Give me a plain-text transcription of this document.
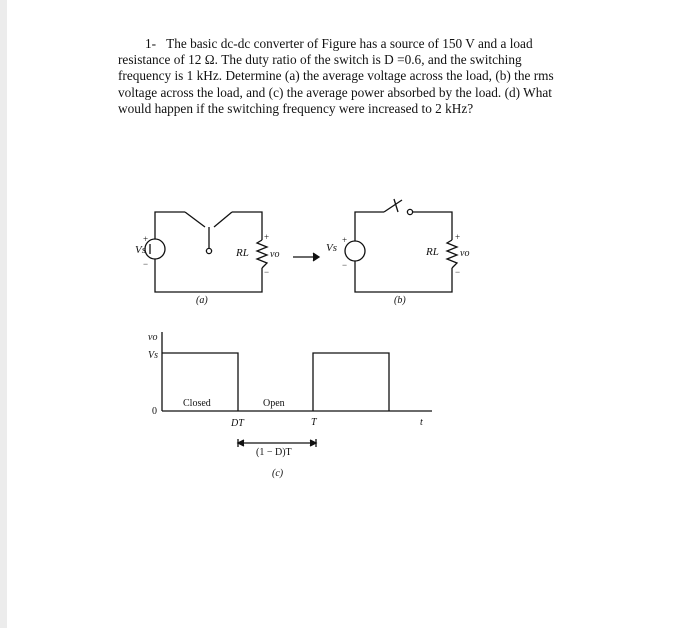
1- The basic dc-dc converter of Figure has a source of 150 V and a load resistance of 12 Ω. The duty ratio of the switch is D =0.6, and the switching frequency is 1 kHz. Determine (a) the average voltage across the load, (b) the rms voltage across the load, and (c) the average power absorbed by the load. (d) What would happen if the switching frequency were increased to 2 kHz?
Vs
+
−
RL vo
+
−
(a)
Vs
+
−
RL vo
+
−
(b)
vo
Vs
0
Closed	Open
DT	T	t
(1 − D)T
(c)
